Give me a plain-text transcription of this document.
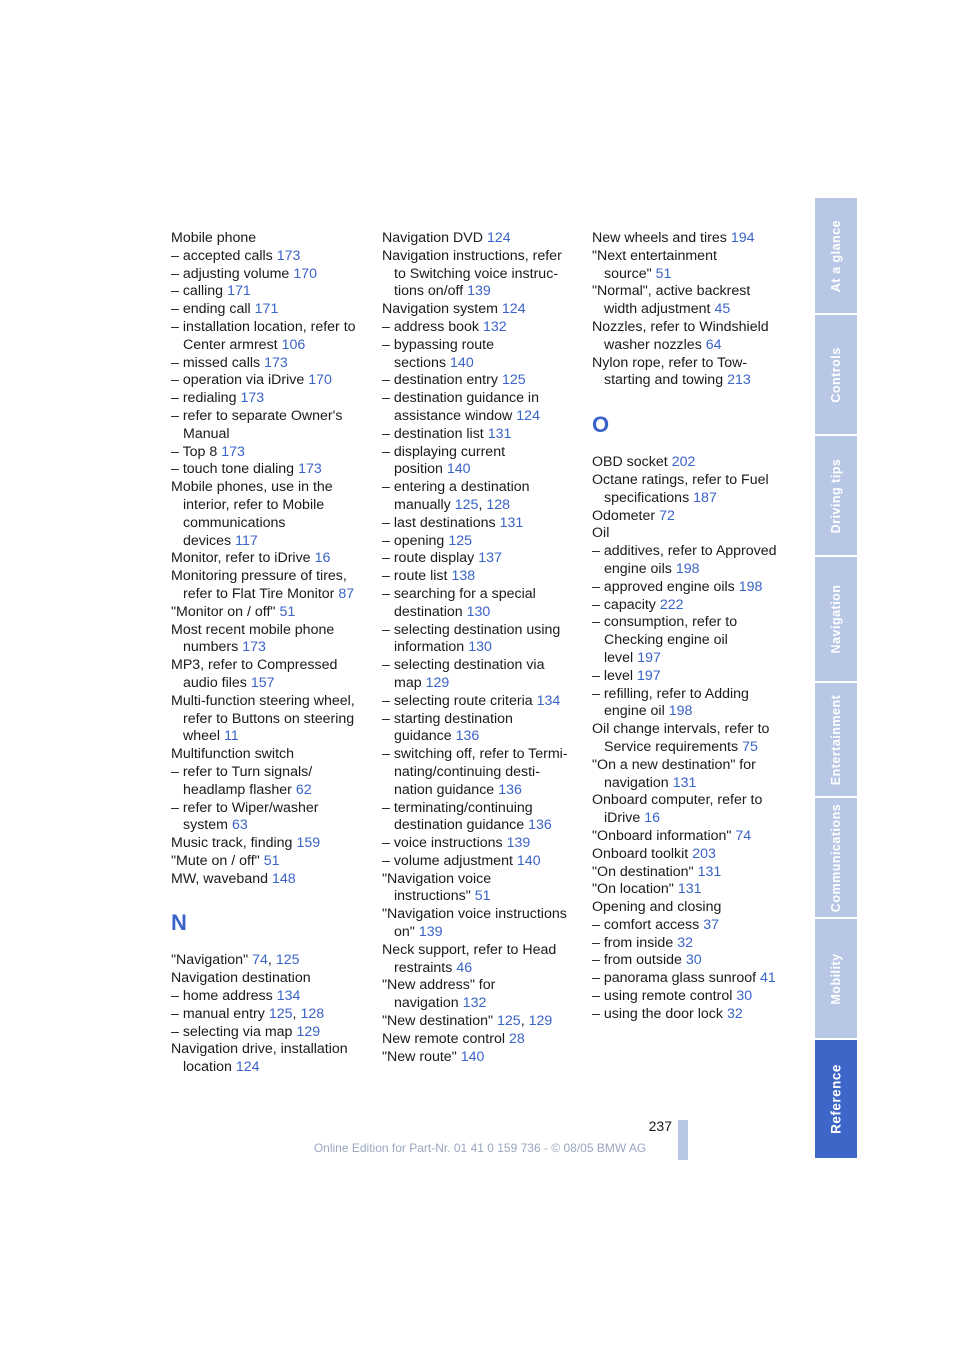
Mobile phone
– accepted calls 173
– adjusting volume 170
– calling 171
– ending call 171
– installation location, refer to Center armrest 106
– missed calls 173
– operation via iDrive 170
– redialing 173
– refer to separate Owner's Manual
– Top 8 173
– touch tone dialing 173
Mobile phones, use in the interior, refer to Mobile communications devices 117
Monitor, refer to iDrive 16
Monitoring pressure of tires, refer to Flat Tire Monitor 87
"Monitor on / off" 51
Most recent mobile phone numbers 173
MP3, refer to Compressed audio files 157
Multi-function steering wheel, refer to Buttons on steering wheel 11
Multifunction switch
– refer to Turn signals/ headlamp flasher 62
– refer to Wiper/washer system 63
Music track, finding 159
"Mute on / off" 51
MW, waveband 148
N
"Navigation" 74, 125
Navigation destination
– home address 134
– manual entry 125, 128
– selecting via map 129
Navigation drive, installation location 124
Navigation DVD 124
Navigation instructions, refer to Switching voice instruc- tions on/off 139
Navigation system 124
– address book 132
– bypassing route sections 140
– destination entry 125
– destination guidance in assistance window 124
– destination list 131
– displaying current position 140
– entering a destination manually 125, 128
– last destinations 131
– opening 125
– route display 137
– route list 138
– searching for a special destination 130
– selecting destination using information 130
– selecting destination via map 129
– selecting route criteria 134
– starting destination guidance 136
– switching off, refer to Termi- nating/continuing desti- nation guidance 136
– terminating/continuing destination guidance 136
– voice instructions 139
– volume adjustment 140
"Navigation voice instructions" 51
"Navigation voice instructions on" 139
Neck support, refer to Head restraints 46
"New address" for navigation 132
"New destination" 125, 129
New remote control 28
"New route" 140
New wheels and tires 194
"Next entertainment source" 51
"Normal", active backrest width adjustment 45
Nozzles, refer to Windshield washer nozzles 64
Nylon rope, refer to Tow- starting and towing 213
O
OBD socket 202
Octane ratings, refer to Fuel specifications 187
Odometer 72
Oil
– additives, refer to Approved engine oils 198
– approved engine oils 198
– capacity 222
– consumption, refer to Checking engine oil level 197
– level 197
– refilling, refer to Adding engine oil 198
Oil change intervals, refer to Service requirements 75
"On a new destination" for navigation 131
Onboard computer, refer to iDrive 16
"Onboard information" 74
Onboard toolkit 203
"On destination" 131
"On location" 131
Opening and closing
– comfort access 37
– from inside 32
– from outside 30
– panorama glass sunroof 41
– using remote control 30
– using the door lock 32
At a glance
Controls
Driving tips
Navigation
Entertainment
Communications
Mobility
Reference
237
Online Edition for Part-Nr. 01 41 0 159 736 - © 08/05 BMW AG
